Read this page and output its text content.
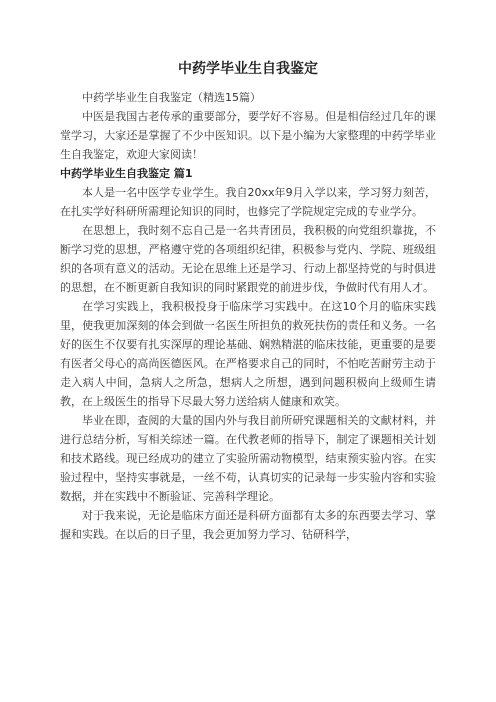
中药学毕业生自我鉴定
中药学毕业生自我鉴定（精选15篇）
中医是我国古老传承的重要部分，要学好不容易。但是相信经过几年的课堂学习，大家还是掌握了不少中医知识。以下是小编为大家整理的中药学毕业生自我鉴定，欢迎大家阅读！
中药学毕业生自我鉴定 篇1
本人是一名中医学专业学生。我自20xx年9月入学以来，学习努力刻苦，在扎实学好科研所需理论知识的同时，也修完了学院规定完成的专业学分。
在思想上，我时刻不忘自己是一名共青团员，我积极的向党组织靠拢，不断学习党的思想，严格遵守党的各项组织纪律，积极参与党内、学院、班级组织的各项有意义的活动。无论在思维上还是学习、行动上都坚持党的与时俱进的思想，在不断更新自我知识的同时紧跟党的前进步伐，争做时代有用人才。
在学习实践上，我积极投身于临床学习实践中。在这10个月的临床实践里，使我更加深刻的体会到做一名医生所担负的救死扶伤的责任和义务。一名好的医生不仅要有扎实深厚的理论基础、娴熟精湛的临床技能，更重要的是要有医者父母心的高尚医德医风。在严格要求自己的同时，不怕吃苦耐劳主动于走入病人中间，急病人之所急，想病人之所想，遇到问题积极向上级师生请教，在上级医生的指导下尽最大努力送给病人健康和欢笑。
毕业在即，查阅的大量的国内外与我目前所研究课题相关的文献材料，并进行总结分析，写相关综述一篇。在代教老师的指导下，制定了课题相关计划和技术路线。现已经成功的建立了实验所需动物模型，结束预实验内容。在实验过程中，坚持实事就是，一丝不苟，认真切实的记录每一步实验内容和实验数据，并在实践中不断验证、完善科学理论。
对于我来说，无论是临床方面还是科研方面都有太多的东西要去学习、掌握和实践。在以后的日子里，我会更加努力学习、钻研科学，
